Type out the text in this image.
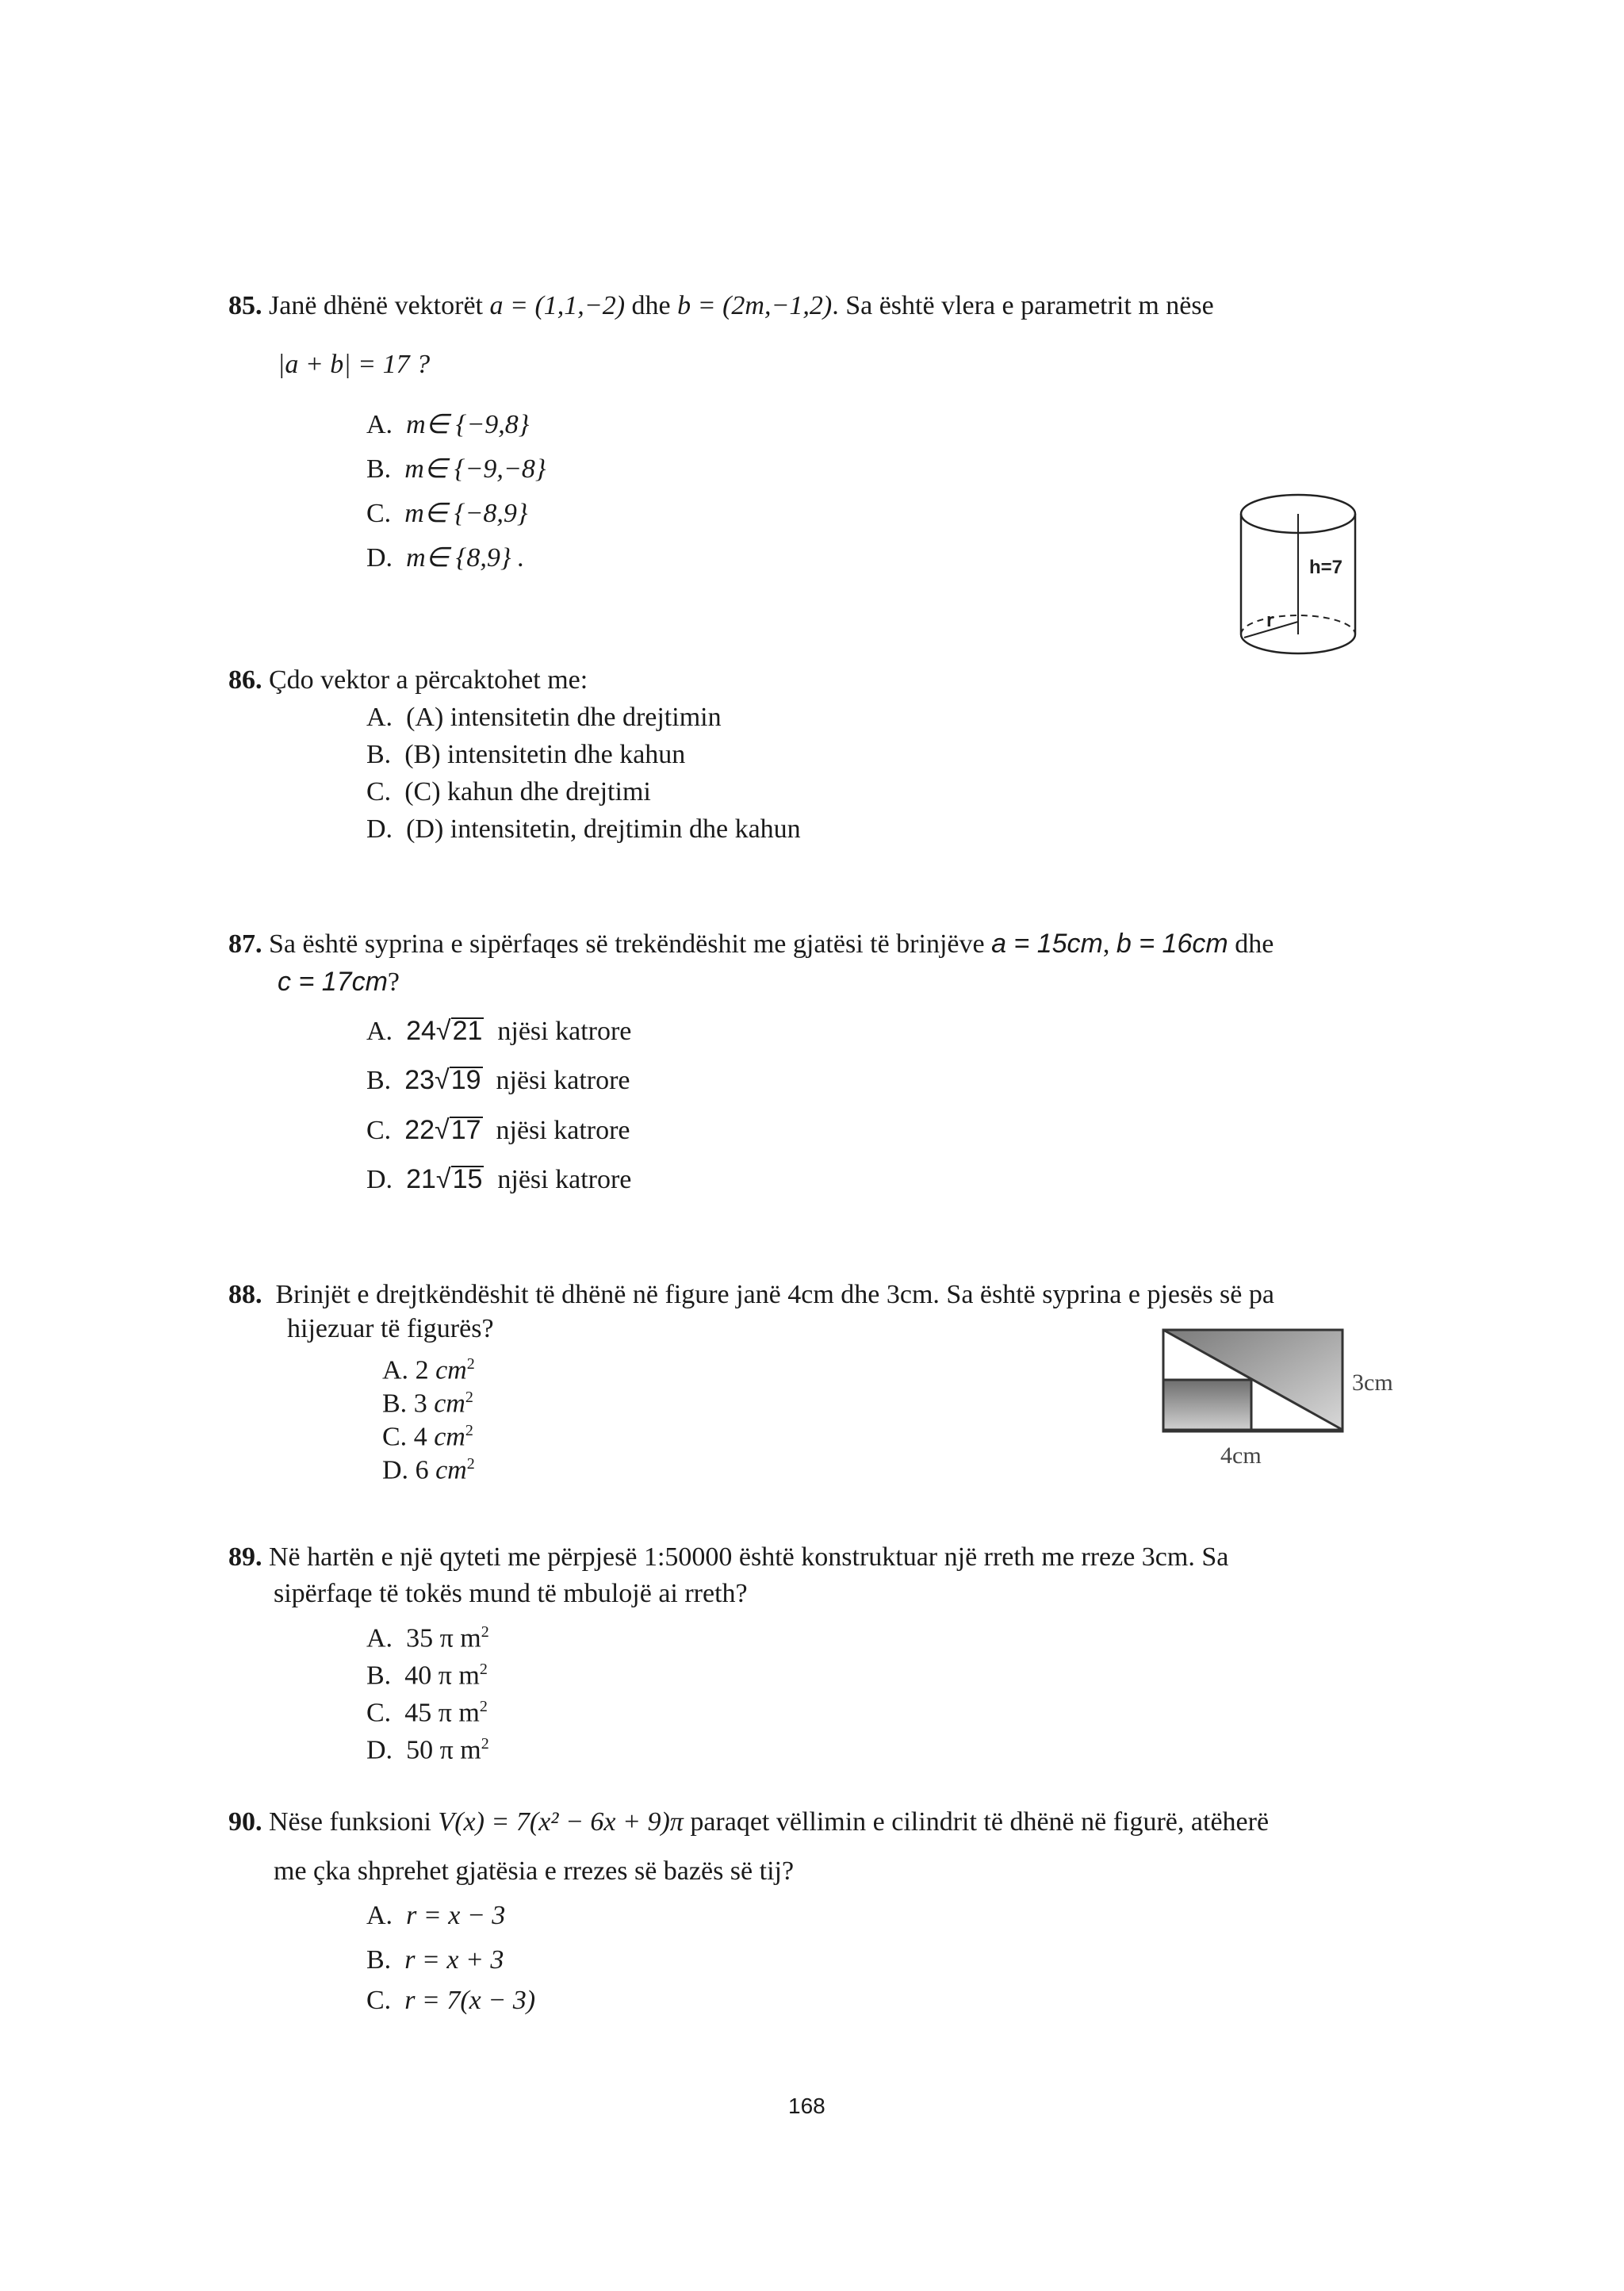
85. Janë dhënë vektorët a = (1,1,−2) dhe b = (2m,−1,2). Sa është vlera e parametrit m nëse
|a + b| = 17 ?
A. m∈ {−9,8}
B. m∈ {−9,−8}
C. m∈ {−8,9}
D. m∈ {8,9} .	h=7
r
86. Çdo vektor a përcaktohet me:
A. (A) intensitetin dhe drejtimin
B. (B) intensitetin dhe kahun
C. (C) kahun dhe drejtimi
D. (D) intensitetin, drejtimin dhe kahun
87. Sa është syprina e sipërfaqes së trekëndëshit me gjatësi të brinjëve a = 15cm, b = 16cm dhe
c = 17cm?
A. 24√21 njësi katrore
B. 23√19 njësi katrore
C. 22√17 njësi katrore
D. 21√15 njësi katrore
88. Brinjët e drejtkëndëshit të dhënë në figure janë 4cm dhe 3cm. Sa është syprina e pjesës së pa
hijezuar të figurës?
A. 2 $cm^2$
B. 3 $cm^2$
C. 4 $cm^2$
D. 6 $cm^2$
3cm
4cm
89. Në hartën e një qyteti me përpjesë 1:50000 është konstruktuar një rreth me rreze 3cm. Sa
sipërfaqe të tokës mund të mbulojë ai rreth?
A. 35 π $m^2$
B. 40 π $m^2$
C. 45 π $m^2$
D. 50 π $m^2$
90. Nëse funksioni V(x) = 7(x² − 6x + 9)π paraqet vëllimin e cilindrit të dhënë në figurë, atëherë
me çka shprehet gjatësia e rrezes së bazës së tij?
A. r = x − 3
B. r = x + 3
C. r = 7(x − 3)
168
